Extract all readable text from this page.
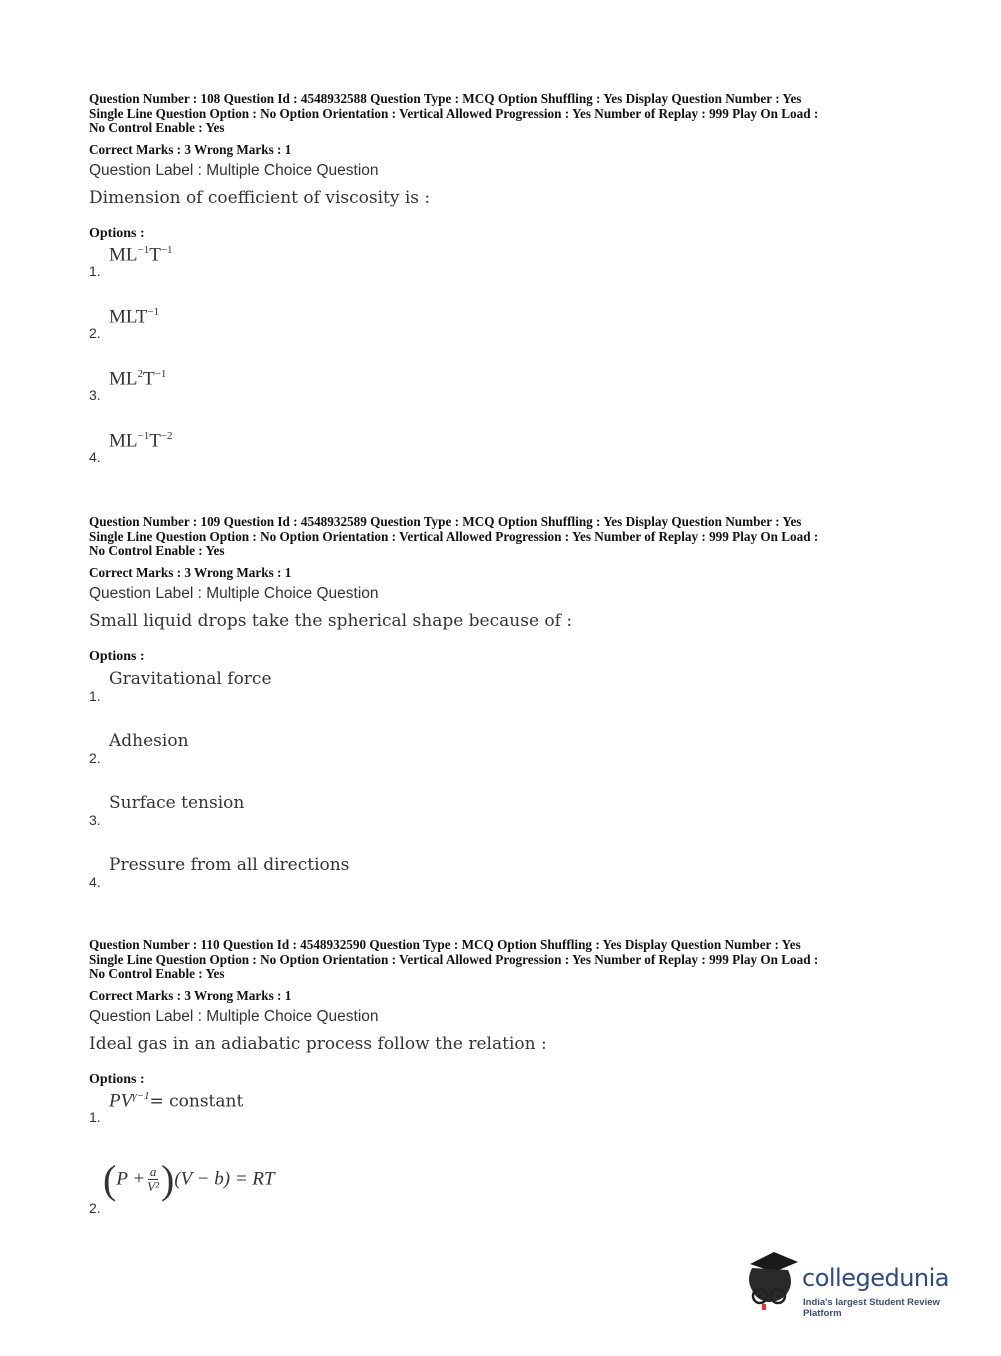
Question Number : 108 Question Id : 4548932588 Question Type : MCQ Option Shuffling : Yes Display Question Number : Yes
Single Line Question Option : No Option Orientation : Vertical Allowed Progression : Yes Number of Replay : 999 Play On Load :
No Control Enable : Yes
Correct Marks : 3 Wrong Marks : 1
Question Label : Multiple Choice Question
Dimension of coefficient of viscosity is :
Options :
1.
$ML^{-1}T^{-1}$
2.
$MLT^{-1}$
3.
$ML^2T^{-1}$
4.
$ML^{-1}T^{-2}$
Question Number : 109 Question Id : 4548932589 Question Type : MCQ Option Shuffling : Yes Display Question Number : Yes
Single Line Question Option : No Option Orientation : Vertical Allowed Progression : Yes Number of Replay : 999 Play On Load :
No Control Enable : Yes
Correct Marks : 3 Wrong Marks : 1
Question Label : Multiple Choice Question
Small liquid drops take the spherical shape because of :
Options :
1.
Gravitational force
2.
Adhesion
3.
Surface tension
4.
Pressure from all directions
Question Number : 110 Question Id : 4548932590 Question Type : MCQ Option Shuffling : Yes Display Question Number : Yes
Single Line Question Option : No Option Orientation : Vertical Allowed Progression : Yes Number of Replay : 999 Play On Load :
No Control Enable : Yes
Correct Marks : 3 Wrong Marks : 1
Question Label : Multiple Choice Question
Ideal gas in an adiabatic process follow the relation :
Options :
1.
$PV^{\gamma-1}=$ constant
2.
$(P + \frac{a}{\text{V²}} )(V - b)$ = RT
collegedunia
India's largest Student Review Platform
